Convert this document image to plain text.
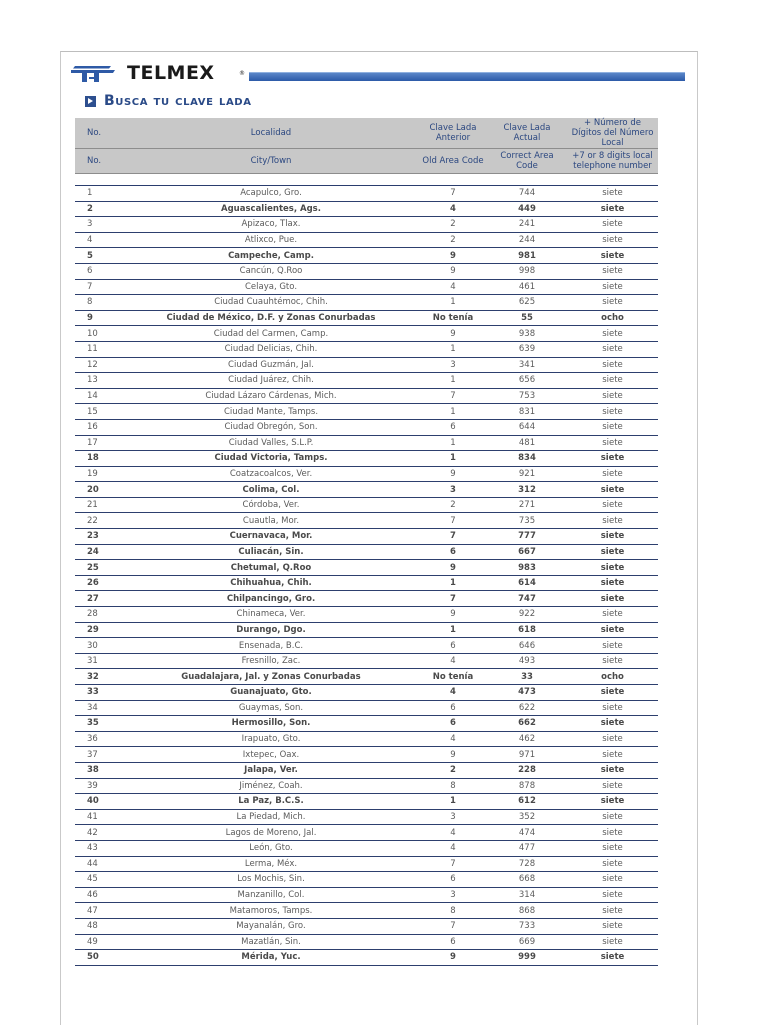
TELMEX	®
Busca tu clave lada
No.	Localidad	Clave Lada Anterior	Clave Lada Actual	+ Número de Dígitos del Número Local
No.	City/Town	Old Area Code	Correct Area Code	+7 or 8 digits local telephone number

1	Acapulco, Gro.	7	744	siete
2	Aguascalientes, Ags.	4	449	siete
3	Apizaco, Tlax.	2	241	siete
4	Atlixco, Pue.	2	244	siete
5	Campeche, Camp.	9	981	siete
6	Cancún, Q.Roo	9	998	siete
7	Celaya, Gto.	4	461	siete
8	Ciudad Cuauhtémoc, Chih.	1	625	siete
9	Ciudad de México, D.F. y Zonas Conurbadas	No tenía	55	ocho
10	Ciudad del Carmen, Camp.	9	938	siete
11	Ciudad Delicias, Chih.	1	639	siete
12	Ciudad Guzmán, Jal.	3	341	siete
13	Ciudad Juárez, Chih.	1	656	siete
14	Ciudad Lázaro Cárdenas, Mich.	7	753	siete
15	Ciudad Mante, Tamps.	1	831	siete
16	Ciudad Obregón, Son.	6	644	siete
17	Ciudad Valles, S.L.P.	1	481	siete
18	Ciudad Victoria, Tamps.	1	834	siete
19	Coatzacoalcos, Ver.	9	921	siete
20	Colima, Col.	3	312	siete
21	Córdoba, Ver.	2	271	siete
22	Cuautla, Mor.	7	735	siete
23	Cuernavaca, Mor.	7	777	siete
24	Culiacán, Sin.	6	667	siete
25	Chetumal, Q.Roo	9	983	siete
26	Chihuahua, Chih.	1	614	siete
27	Chilpancingo, Gro.	7	747	siete
28	Chinameca, Ver.	9	922	siete
29	Durango, Dgo.	1	618	siete
30	Ensenada, B.C.	6	646	siete
31	Fresnillo, Zac.	4	493	siete
32	Guadalajara, Jal. y Zonas Conurbadas	No tenía	33	ocho
33	Guanajuato, Gto.	4	473	siete
34	Guaymas, Son.	6	622	siete
35	Hermosillo, Son.	6	662	siete
36	Irapuato, Gto.	4	462	siete
37	Ixtepec, Oax.	9	971	siete
38	Jalapa, Ver.	2	228	siete
39	Jiménez, Coah.	8	878	siete
40	La Paz, B.C.S.	1	612	siete
41	La Piedad, Mich.	3	352	siete
42	Lagos de Moreno, Jal.	4	474	siete
43	León, Gto.	4	477	siete
44	Lerma, Méx.	7	728	siete
45	Los Mochis, Sin.	6	668	siete
46	Manzanillo, Col.	3	314	siete
47	Matamoros, Tamps.	8	868	siete
48	Mayanalán, Gro.	7	733	siete
49	Mazatlán, Sin.	6	669	siete
50	Mérida, Yuc.	9	999	siete
